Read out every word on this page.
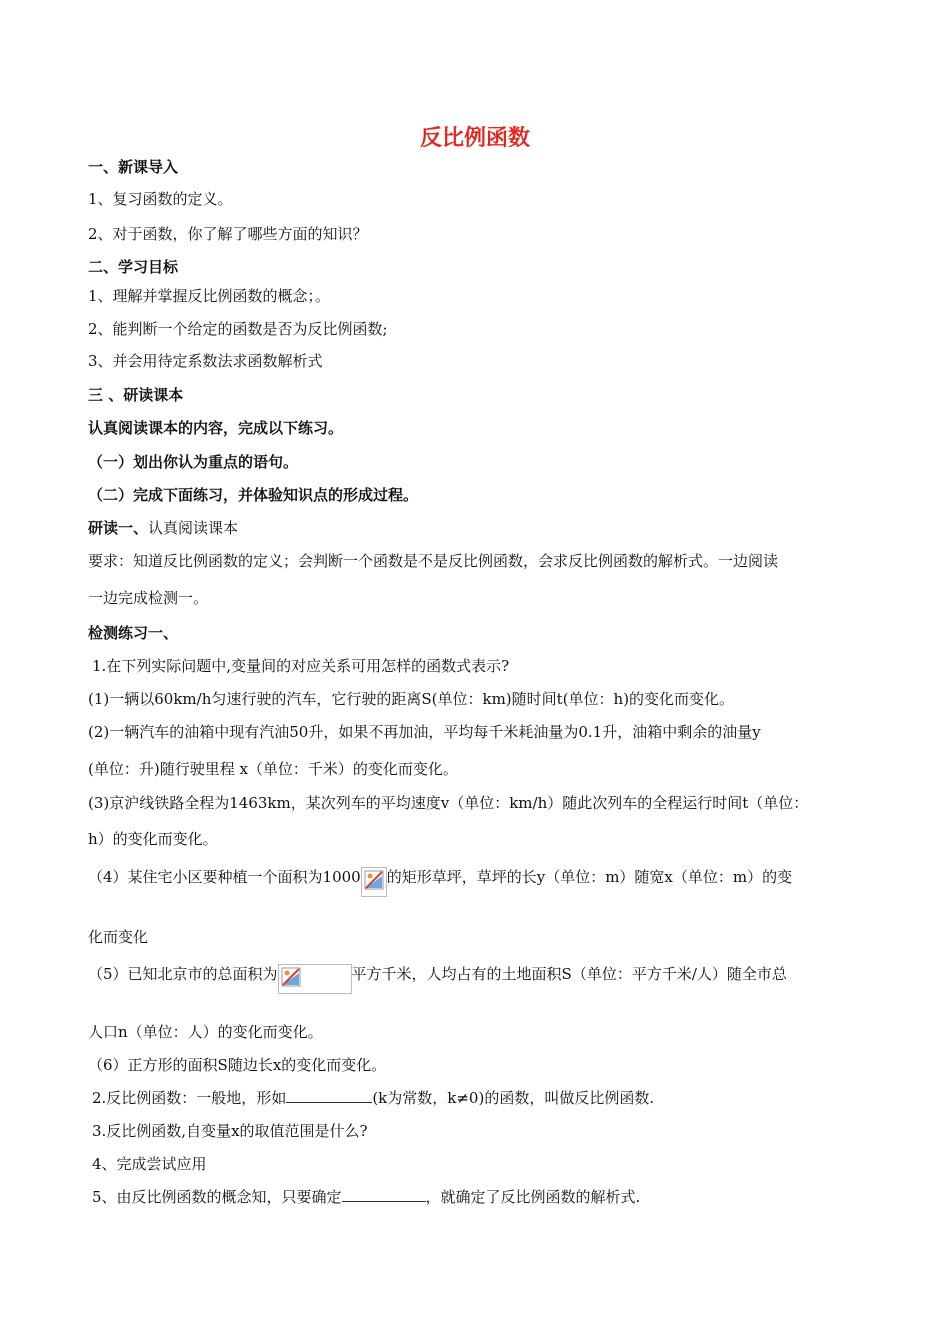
反比例函数
一、新课导入
1、复习函数的定义。
2、对于函数，你了解了哪些方面的知识？
二、学习目标
1、理解并掌握反比例函数的概念；。
2、能判断一个给定的函数是否为反比例函数;
3、并会用待定系数法求函数解析式
三 、研读课本
认真阅读课本的内容，完成以下练习。
（一）划出你认为重点的语句。
（二）完成下面练习，并体验知识点的形成过程。
研读一、认真阅读课本
要求：知道反比例函数的定义；会判断一个函数是不是反比例函数，会求反比例函数的解析式。一边阅读
一边完成检测一。
检测练习一、
1.在下列实际问题中,变量间的对应关系可用怎样的函数式表示?
(1)一辆以60km/h匀速行驶的汽车，它行驶的距离S(单位：km)随时间t(单位：h)的变化而变化。
(2)一辆汽车的油箱中现有汽油50升，如果不再加油，平均每千米耗油量为0.1升，油箱中剩余的油量y
(单位：升)随行驶里程 x（单位：千米）的变化而变化。
(3)京沪线铁路全程为1463km，某次列车的平均速度v（单位：km/h）随此次列车的全程运行时间t（单位：
h）的变化而变化。
（4）某住宅小区要种植一个面积为1000 的矩形草坪，草坪的长y（单位：m）随宽x（单位：m）的变
化而变化
（5）已知北京市的总面积为	平方千米，人均占有的土地面积S（单位：平方千米/人）随全市总
人口n（单位：人）的变化而变化。
（6）正方形的面积S随边长x的变化而变化。
2.反比例函数：一般地，形如	(k为常数，k≠0)的函数，叫做反比例函数.
3.反比例函数,自变量x的取值范围是什么?
4、完成尝试应用
5、由反比例函数的概念知，只要确定	，就确定了反比例函数的解析式.
